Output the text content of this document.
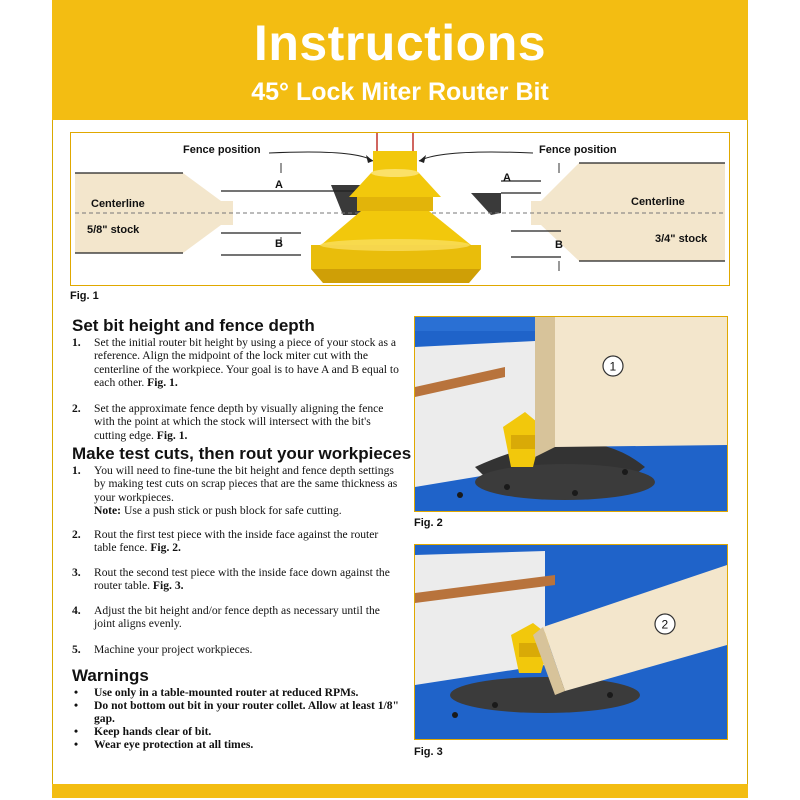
Instructions
45° Lock Miter Router Bit
Fence position	Fence position
Centerline
5/8" stock
Centerline
3/4" stock
A
B
A
B
Fig. 1
Set bit height and fence depth
1. Set the initial router bit height by using a piece of your stock as a reference. Align the midpoint of the lock miter cut with the centerline of the workpiece. Your goal is to have A and B equal to each other. Fig. 1.
2. Set the approximate fence depth by visually aligning the fence with the point at which the stock will intersect with the bit's cutting edge. Fig. 1.
Make test cuts, then rout your workpieces
1. You will need to fine-tune the bit height and fence depth settings by making test cuts on scrap pieces that are the same thickness as your workpieces.
Note: Use a push stick or push block for safe cutting.
2. Rout the first test piece with the inside face against the router table fence. Fig. 2.
3. Rout the second test piece with the inside face down against the router table. Fig. 3.
4. Adjust the bit height and/or fence depth as necessary until the joint aligns evenly.
5. Machine your project workpieces.
Warnings
• Use only in a table-mounted router at reduced RPMs.
• Do not bottom out bit in your router collet. Allow at least 1/8" gap.
• Keep hands clear of bit.
• Wear eye protection at all times.
1
Fig. 2
2
Fig. 3
